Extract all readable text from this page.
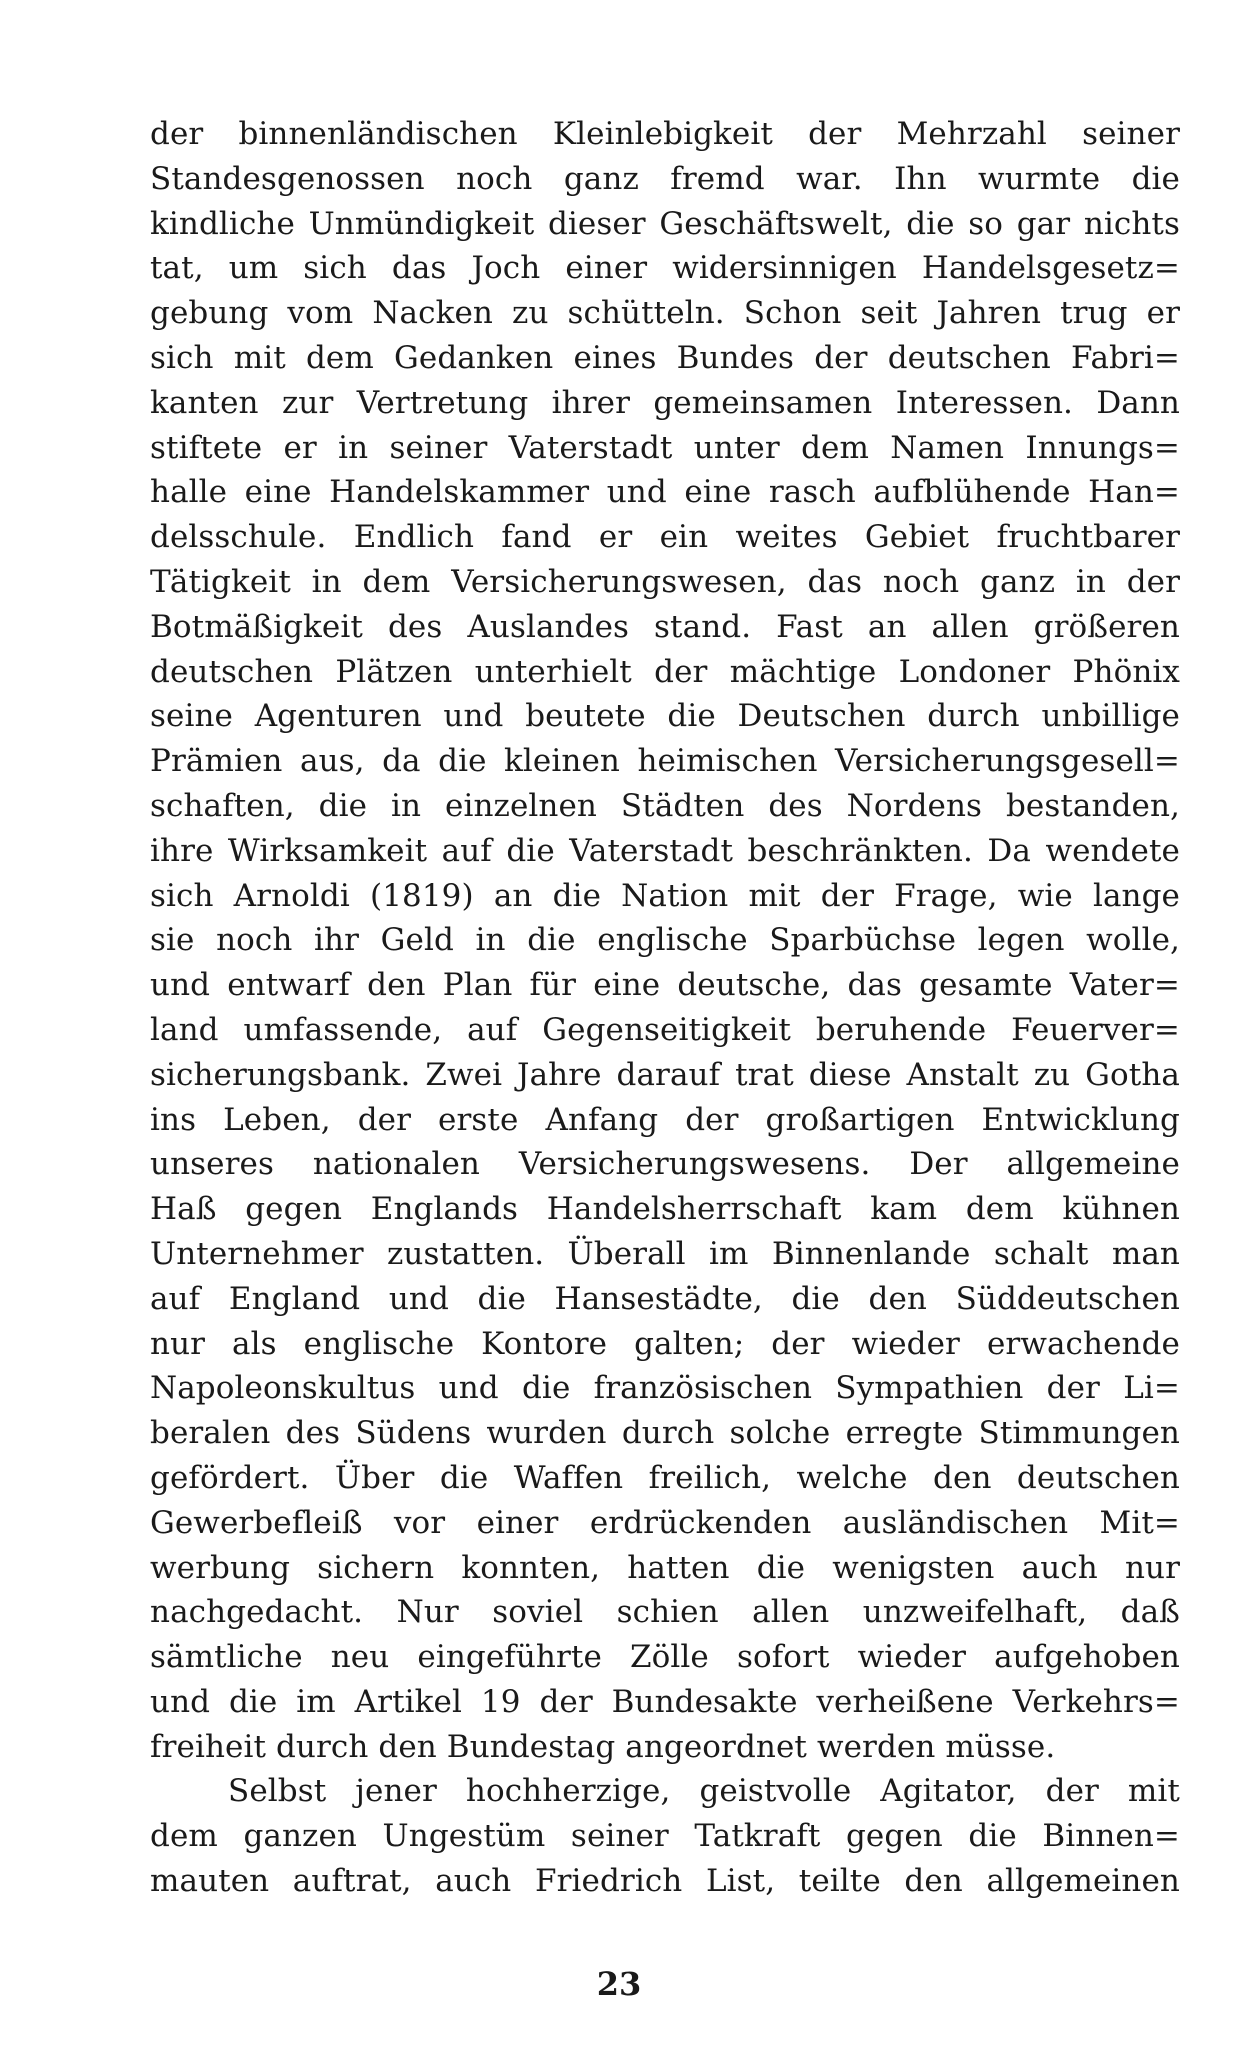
der binnenländischen Kleinlebigkeit der Mehrzahl seiner
Standesgenossen noch ganz fremd war. Ihn wurmte die
kindliche Unmündigkeit dieser Geschäftswelt, die so gar nichts
tat, um sich das Joch einer widersinnigen Handelsgesetz=
gebung vom Nacken zu schütteln. Schon seit Jahren trug er
sich mit dem Gedanken eines Bundes der deutschen Fabri=
kanten zur Vertretung ihrer gemeinsamen Interessen. Dann
stiftete er in seiner Vaterstadt unter dem Namen Innungs=
halle eine Handelskammer und eine rasch aufblühende Han=
delsschule. Endlich fand er ein weites Gebiet fruchtbarer
Tätigkeit in dem Versicherungswesen, das noch ganz in der
Botmäßigkeit des Auslandes stand. Fast an allen größeren
deutschen Plätzen unterhielt der mächtige Londoner Phönix
seine Agenturen und beutete die Deutschen durch unbillige
Prämien aus, da die kleinen heimischen Versicherungsgesell=
schaften, die in einzelnen Städten des Nordens bestanden,
ihre Wirksamkeit auf die Vaterstadt beschränkten. Da wendete
sich Arnoldi (1819) an die Nation mit der Frage, wie lange
sie noch ihr Geld in die englische Sparbüchse legen wolle,
und entwarf den Plan für eine deutsche, das gesamte Vater=
land umfassende, auf Gegenseitigkeit beruhende Feuerver=
sicherungsbank. Zwei Jahre darauf trat diese Anstalt zu Gotha
ins Leben, der erste Anfang der großartigen Entwicklung
unseres nationalen Versicherungswesens. Der allgemeine
Haß gegen Englands Handelsherrschaft kam dem kühnen
Unternehmer zustatten. Überall im Binnenlande schalt man
auf England und die Hansestädte, die den Süddeutschen
nur als englische Kontore galten; der wieder erwachende
Napoleonskultus und die französischen Sympathien der Li=
beralen des Südens wurden durch solche erregte Stimmungen
gefördert. Über die Waffen freilich, welche den deutschen
Gewerbefleiß vor einer erdrückenden ausländischen Mit=
werbung sichern konnten, hatten die wenigsten auch nur
nachgedacht. Nur soviel schien allen unzweifelhaft, daß
sämtliche neu eingeführte Zölle sofort wieder aufgehoben
und die im Artikel 19 der Bundesakte verheißene Verkehrs=
freiheit durch den Bundestag angeordnet werden müsse.
Selbst jener hochherzige, geistvolle Agitator, der mit
dem ganzen Ungestüm seiner Tatkraft gegen die Binnen=
mauten auftrat, auch Friedrich List, teilte den allgemeinen
23
